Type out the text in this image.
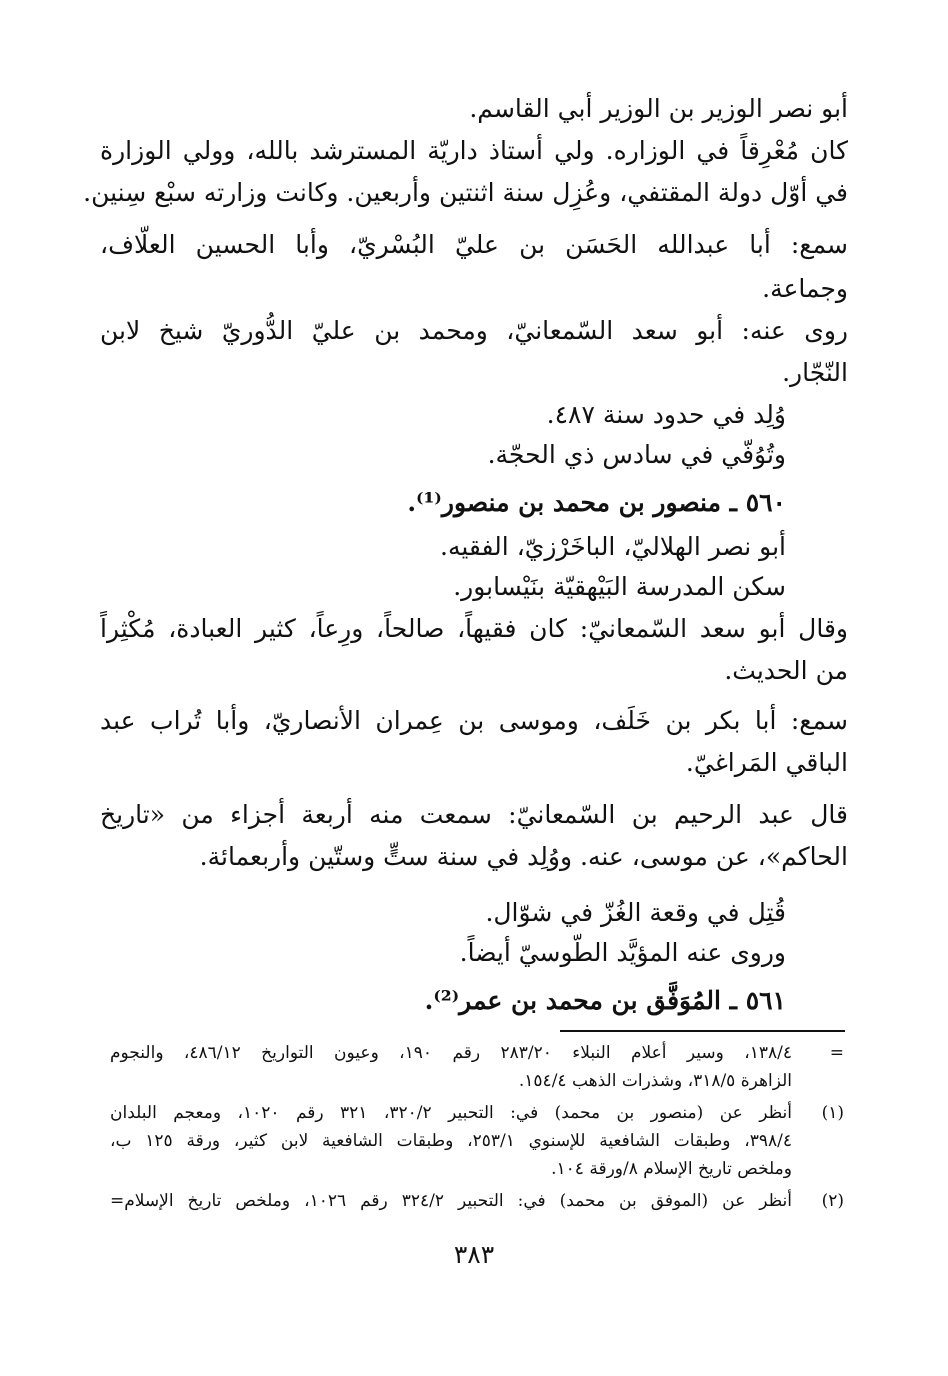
أبو نصر الوزير بن الوزير أبي القاسم.
كان مُعْرِقاً في الوزاره. ولي أستاذ داريّة المسترشد بالله، وولي الوزارة
في أوّل دولة المقتفي، وعُزِل سنة اثنتين وأربعين. وكانت وزارته سبْع سِنين.
سمع: أبا عبدالله الحَسَن بن عليّ البُسْريّ، وأبا الحسين العلّاف،
وجماعة.
روى عنه: أبو سعد السّمعانيّ، ومحمد بن عليّ الدُّوريّ شيخ لابن
النّجّار.
وُلِد في حدود سنة ٤٨٧.
وتُوُفّي في سادس ذي الحجّة.
٥٦٠ ـ منصور بن محمد بن منصور⁽¹⁾.
أبو نصر الهلاليّ، الباخَرْزيّ، الفقيه.
سكن المدرسة البَيْهقيّة بنَيْسابور.
وقال أبو سعد السّمعانيّ: كان فقيهاً، صالحاً، ورِعاً، كثير العبادة، مُكْثِراً
من الحديث.
سمع: أبا بكر بن خَلَف، وموسى بن عِمران الأنصاريّ، وأبا تُراب عبد
الباقي المَراغيّ.
قال عبد الرحيم بن السّمعانيّ: سمعت منه أربعة أجزاء من «تاريخ
الحاكم»، عن موسى، عنه. ووُلِد في سنة ستٍّ وستّين وأربعمائة.
قُتِل في وقعة الغُزّ في شوّال.
وروى عنه المؤيَّد الطّوسيّ أيضاً.
٥٦١ ـ المُوَفَّق بن محمد بن عمر⁽²⁾.
=
١٣٨/٤، وسير أعلام النبلاء ٢٨٣/٢٠ رقم ١٩٠، وعيون التواريخ ٤٨٦/١٢، والنجوم
الزاهرة ٣١٨/٥، وشذرات الذهب ١٥٤/٤.
(١)
أنظر عن (منصور بن محمد) في: التحبير ٣٢٠/٢، ٣٢١ رقم ١٠٢٠، ومعجم البلدان
٣٩٨/٤، وطبقات الشافعية للإسنوي ٢٥٣/١، وطبقات الشافعية لابن كثير، ورقة ١٢٥ ب،
وملخص تاريخ الإسلام ٨/ورقة ١٠٤.
(٢)
أنظر عن (الموفق بن محمد) في: التحبير ٣٢٤/٢ رقم ١٠٢٦، وملخص تاريخ الإسلام=
٣٨٣
